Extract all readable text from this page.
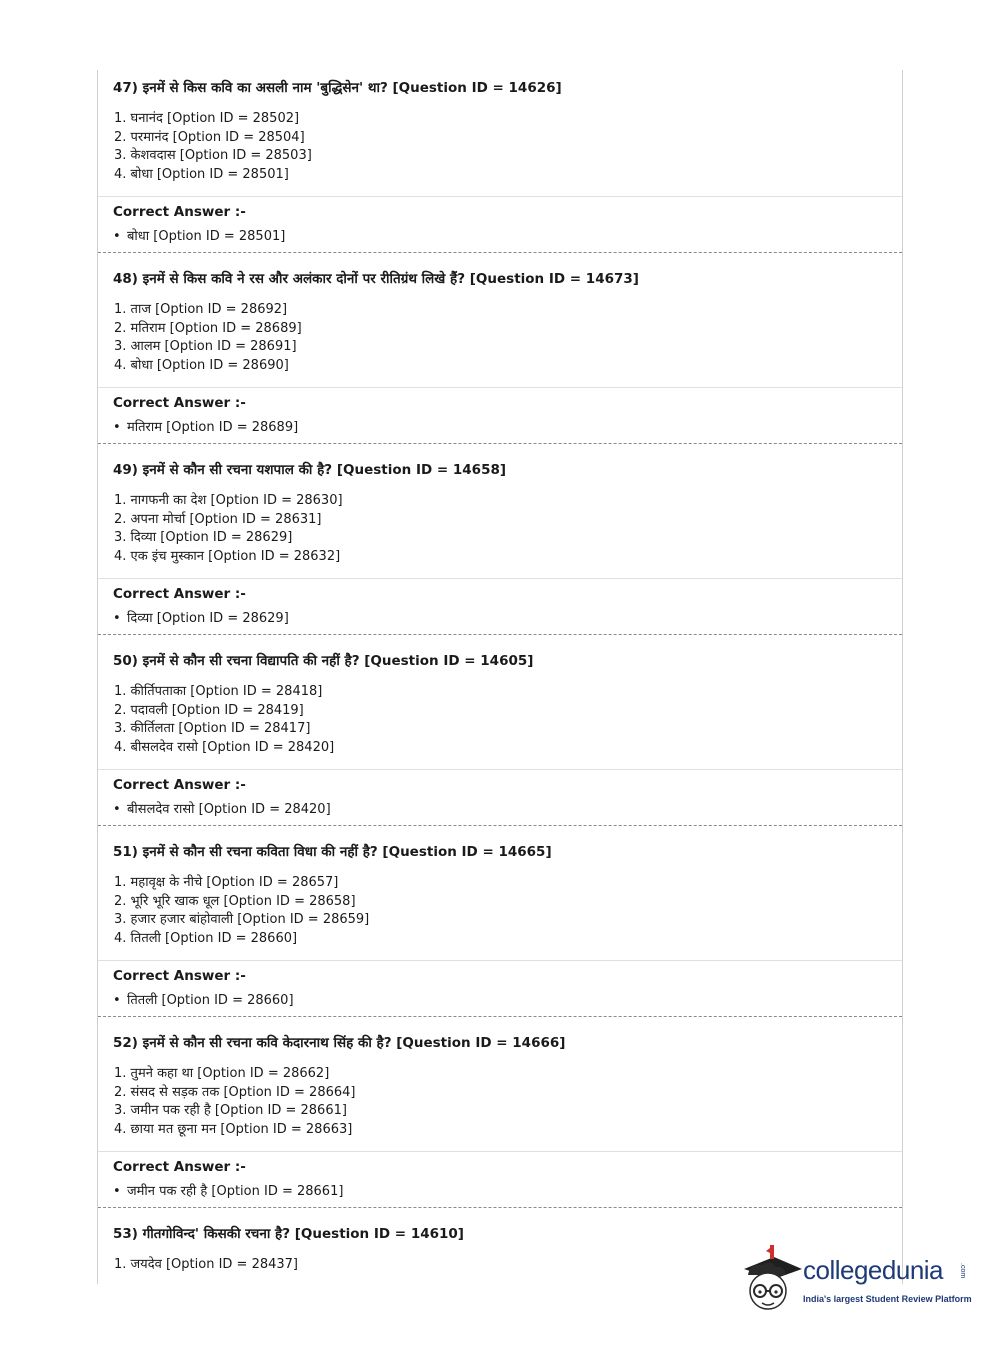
47) इनमें से किस कवि का असली नाम 'बुद्धिसेन' था? [Question ID = 14626]
1. घनानंद [Option ID = 28502]
2. परमानंद [Option ID = 28504]
3. केशवदास [Option ID = 28503]
4. बोधा [Option ID = 28501]
Correct Answer :-
• बोधा [Option ID = 28501]
48) इनमें से किस कवि ने रस और अलंकार दोनों पर रीतिग्रंथ लिखे हैं? [Question ID = 14673]
1. ताज [Option ID = 28692]
2. मतिराम [Option ID = 28689]
3. आलम [Option ID = 28691]
4. बोधा [Option ID = 28690]
Correct Answer :-
• मतिराम [Option ID = 28689]
49) इनमें से कौन सी रचना यशपाल की है? [Question ID = 14658]
1. नागफनी का देश [Option ID = 28630]
2. अपना मोर्चा [Option ID = 28631]
3. दिव्या [Option ID = 28629]
4. एक इंच मुस्कान [Option ID = 28632]
Correct Answer :-
• दिव्या [Option ID = 28629]
50) इनमें से कौन सी रचना विद्यापति की नहीं है? [Question ID = 14605]
1. कीर्तिपताका [Option ID = 28418]
2. पदावली [Option ID = 28419]
3. कीर्तिलता [Option ID = 28417]
4. बीसलदेव रासो [Option ID = 28420]
Correct Answer :-
• बीसलदेव रासो [Option ID = 28420]
51) इनमें से कौन सी रचना कविता विधा की नहीं है? [Question ID = 14665]
1. महावृक्ष के नीचे [Option ID = 28657]
2. भूरि भूरि खाक धूल [Option ID = 28658]
3. हजार हजार बांहोवाली [Option ID = 28659]
4. तितली [Option ID = 28660]
Correct Answer :-
• तितली [Option ID = 28660]
52) इनमें से कौन सी रचना कवि केदारनाथ सिंह की है? [Question ID = 14666]
1. तुमने कहा था [Option ID = 28662]
2. संसद से सड़क तक [Option ID = 28664]
3. जमीन पक रही है [Option ID = 28661]
4. छाया मत छूना मन [Option ID = 28663]
Correct Answer :-
• जमीन पक रही है [Option ID = 28661]
53) गीतगोविन्द' किसकी रचना है? [Question ID = 14610]
1. जयदेव [Option ID = 28437]	collegedunia .com
India's largest Student Review Platform
